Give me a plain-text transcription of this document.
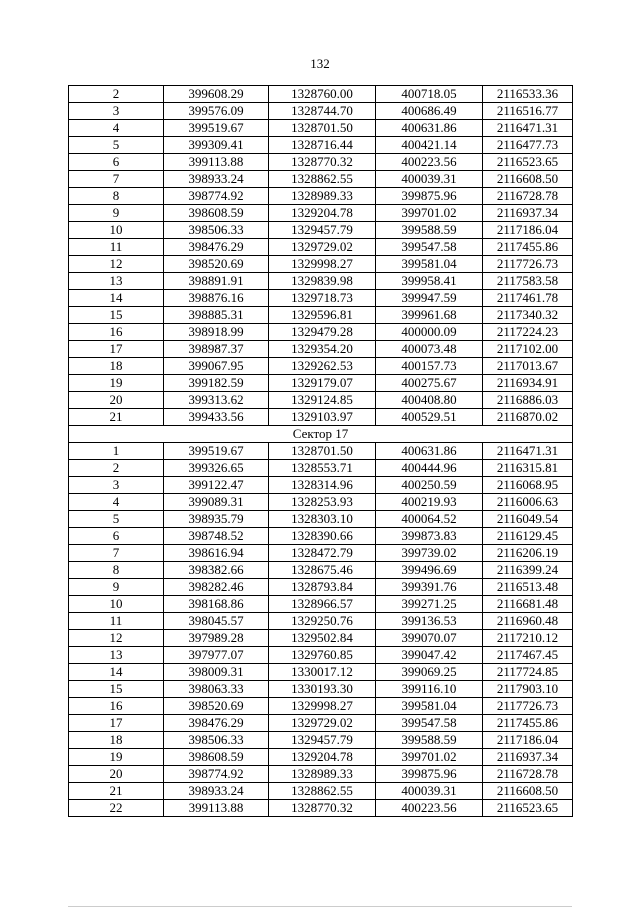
132
2	399608.29	1328760.00	400718.05	2116533.36
3	399576.09	1328744.70	400686.49	2116516.77
4	399519.67	1328701.50	400631.86	2116471.31
5	399309.41	1328716.44	400421.14	2116477.73
6	399113.88	1328770.32	400223.56	2116523.65
7	398933.24	1328862.55	400039.31	2116608.50
8	398774.92	1328989.33	399875.96	2116728.78
9	398608.59	1329204.78	399701.02	2116937.34
10	398506.33	1329457.79	399588.59	2117186.04
11	398476.29	1329729.02	399547.58	2117455.86
12	398520.69	1329998.27	399581.04	2117726.73
13	398891.91	1329839.98	399958.41	2117583.58
14	398876.16	1329718.73	399947.59	2117461.78
15	398885.31	1329596.81	399961.68	2117340.32
16	398918.99	1329479.28	400000.09	2117224.23
17	398987.37	1329354.20	400073.48	2117102.00
18	399067.95	1329262.53	400157.73	2117013.67
19	399182.59	1329179.07	400275.67	2116934.91
20	399313.62	1329124.85	400408.80	2116886.03
21	399433.56	1329103.97	400529.51	2116870.02
Сектор 17				
1	399519.67	1328701.50	400631.86	2116471.31
2	399326.65	1328553.71	400444.96	2116315.81
3	399122.47	1328314.96	400250.59	2116068.95
4	399089.31	1328253.93	400219.93	2116006.63
5	398935.79	1328303.10	400064.52	2116049.54
6	398748.52	1328390.66	399873.83	2116129.45
7	398616.94	1328472.79	399739.02	2116206.19
8	398382.66	1328675.46	399496.69	2116399.24
9	398282.46	1328793.84	399391.76	2116513.48
10	398168.86	1328966.57	399271.25	2116681.48
11	398045.57	1329250.76	399136.53	2116960.48
12	397989.28	1329502.84	399070.07	2117210.12
13	397977.07	1329760.85	399047.42	2117467.45
14	398009.31	1330017.12	399069.25	2117724.85
15	398063.33	1330193.30	399116.10	2117903.10
16	398520.69	1329998.27	399581.04	2117726.73
17	398476.29	1329729.02	399547.58	2117455.86
18	398506.33	1329457.79	399588.59	2117186.04
19	398608.59	1329204.78	399701.02	2116937.34
20	398774.92	1328989.33	399875.96	2116728.78
21	398933.24	1328862.55	400039.31	2116608.50
22	399113.88	1328770.32	400223.56	2116523.65
